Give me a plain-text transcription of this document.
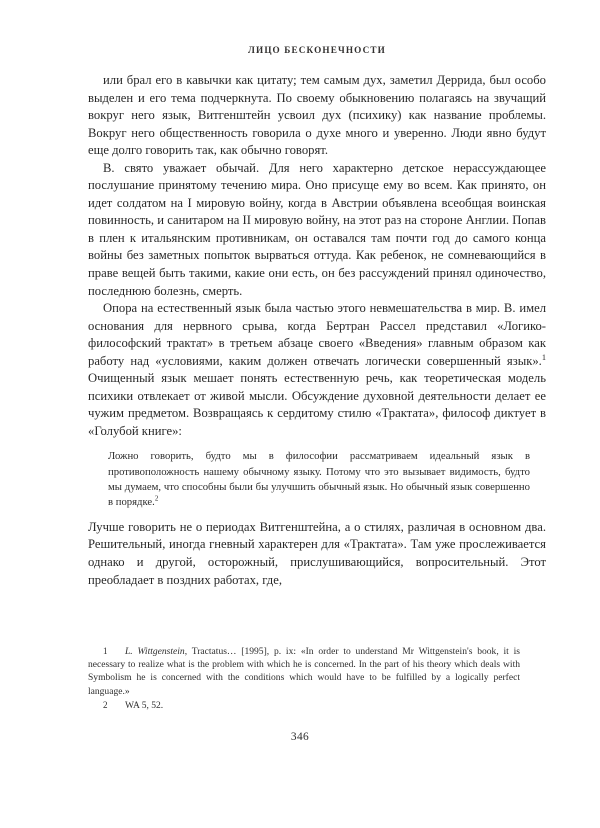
ЛИЦО БЕСКОНЕЧНОСТИ

или брал его в кавычки как цитату; тем самым дух, заметил Деррида, был особо выделен и его тема подчеркнута. По своему обыкновению полагаясь на звучащий вокруг него язык, Витгенштейн усвоил дух (психику) как название проблемы. Вокруг него общественность говорила о духе много и уверенно. Люди явно будут еще долго говорить так, как обычно говорят.

В. свято уважает обычай. Для него характерно детское нерассуждающее послушание принятому течению мира. Оно присуще ему во всем. Как принято, он идет солдатом на I мировую войну, когда в Австрии объявлена всеобщая воинская повинность, и санитаром на II мировую войну, на этот раз на стороне Англии. Попав в плен к итальянским противникам, он оставался там почти год до самого конца войны без заметных попыток вырваться оттуда. Как ребенок, не сомневающийся в праве вещей быть такими, какие они есть, он без рассуждений принял одиночество, последнюю болезнь, смерть.

Опора на естественный язык была частью этого невмешательства в мир. В. имел основания для нервного срыва, когда Бертран Рассел представил «Логико-философский трактат» в третьем абзаце своего «Введения» главным образом как работу над «условиями, каким должен отвечать логически совершенный язык».$^1$ Очищенный язык мешает понять естественную речь, как теоретическая модель психики отвлекает от живой мысли. Обсуждение духовной деятельности делает ее чужим предметом. Возвращаясь к сердитому стилю «Трактата», философ диктует в «Голубой книге»:

Ложно говорить, будто мы в философии рассматриваем идеальный язык в противоположность нашему обычному языку. Потому что это вызывает видимость, будто мы думаем, что способны были бы улучшить обычный язык. Но обычный язык совершенно в порядке.$^2$

Лучше говорить не о периодах Витгенштейна, а о стилях, различая в основном два. Решительный, иногда гневный характерен для «Трактата». Там уже прослеживается однако и другой, осторожный, прислушивающийся, вопросительный. Этот преобладает в поздних работах, где,

1 L. Wittgenstein, Tractatus… [1995], p. ix: «In order to understand Mr Wittgenstein's book, it is necessary to realize what is the problem with which he is concerned. In the part of his theory which deals with Symbolism he is concerned with the conditions which would have to be fulfilled by a logically perfect language.»

2 WA 5, 52.

346
